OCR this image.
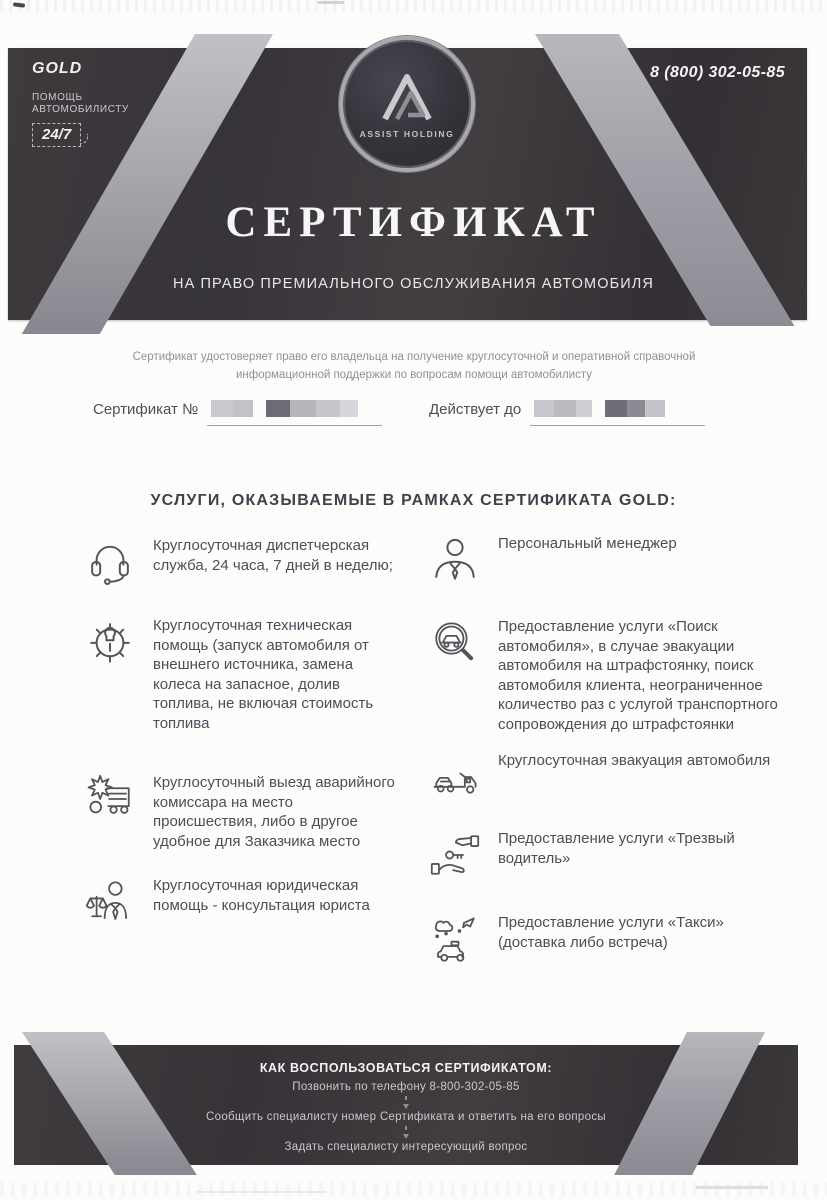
GOLD
ПОМОЩЬ
АВТОМОБИЛИСТУ
24/7
8 (800) 302-05-85
ASSIST HOLDING
СЕРТИФИКАТ
НА ПРАВО ПРЕМИАЛЬНОГО ОБСЛУЖИВАНИЯ АВТОМОБИЛЯ
Сертификат удостоверяет право его владельца на получение круглосуточной и оперативной справочной информационной поддержки по вопросам помощи автомобилисту
Сертификат №	Действует до
УСЛУГИ, ОКАЗЫВАЕМЫЕ В РАМКАХ СЕРТИФИКАТА GOLD:
Круглосуточная диспетчерская служба, 24 часа, 7 дней в неделю;
Круглосуточная техническая помощь (запуск автомобиля от внешнего источника, замена колеса на запасное, долив топлива, не включая стоимость топлива
Круглосуточный выезд аварийного комиссара на место происшествия, либо в другое удобное для Заказчика место
Круглосуточная юридическая помощь - консультация юриста
Персональный менеджер
Предоставление услуги «Поиск автомобиля», в случае эвакуации автомобиля на штрафстоянку, поиск автомобиля клиента, неограниченное количество раз с услугой транспортного сопровождения до штрафстоянки
Круглосуточная эвакуация автомобиля
Предоставление услуги «Трезвый водитель»
Предоставление услуги «Такси» (доставка либо встреча)
КАК ВОСПОЛЬЗОВАТЬСЯ СЕРТИФИКАТОМ:
Позвонить по телефону 8-800-302-05-85
Сообщить специалисту номер Сертификата и ответить на его вопросы
Задать специалисту интересующий вопрос
